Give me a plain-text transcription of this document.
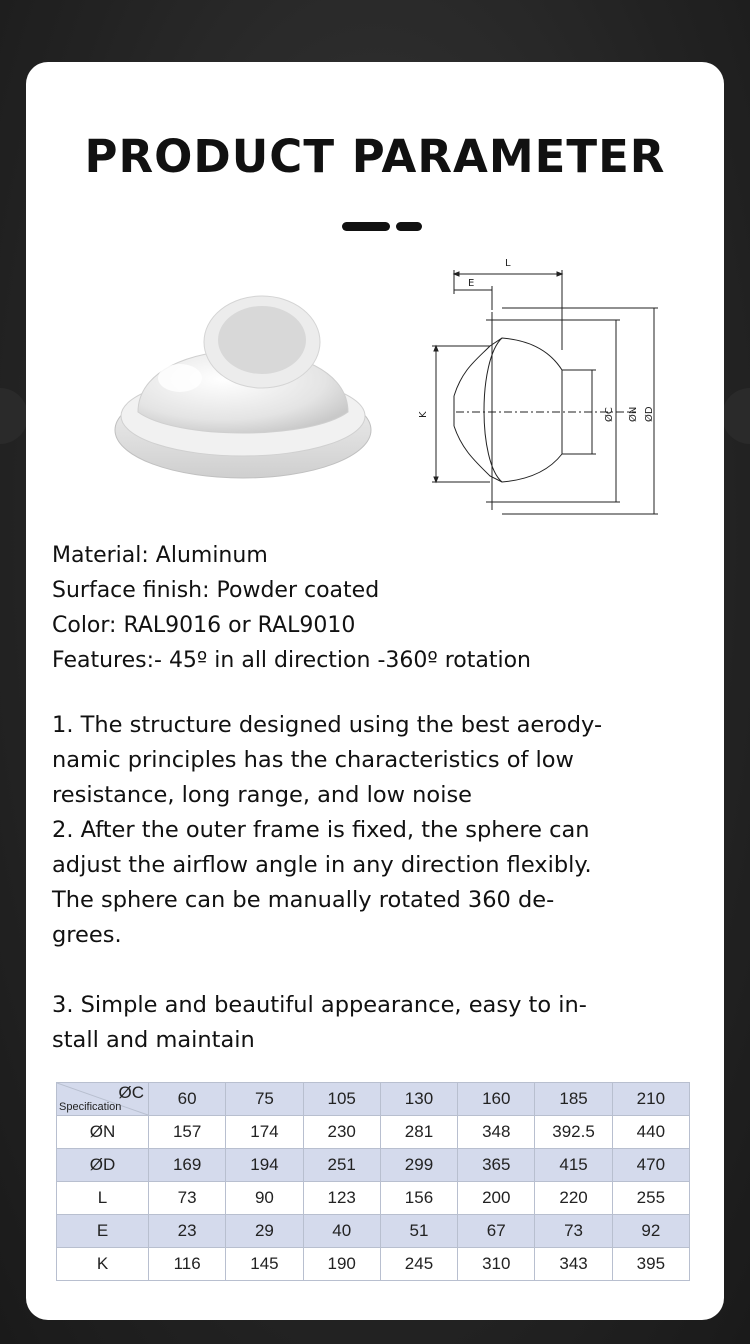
PRODUCT PARAMETER
L
E
K	ØC ØN ØD
Material: Aluminum
Surface finish: Powder coated
Color: RAL9016 or RAL9010
Features:- 45º in all direction -360º rotation
1. The structure designed using the best aerody-
namic principles has the characteristics of low
resistance, long range, and low noise
2. After the outer frame is fixed, the sphere can
adjust the airflow angle in any direction flexibly.
The sphere can be manually rotated 360 de-
grees.
3. Simple and beautiful appearance, easy to in-
stall and maintain
ØC
Specification	60	75	105	130	160	185	210
ØN	157	174	230	281	348	392.5	440
ØD	169	194	251	299	365	415	470
L	73	90	123	156	200	220	255
E	23	29	40	51	67	73	92
K	116	145	190	245	310	343	395
